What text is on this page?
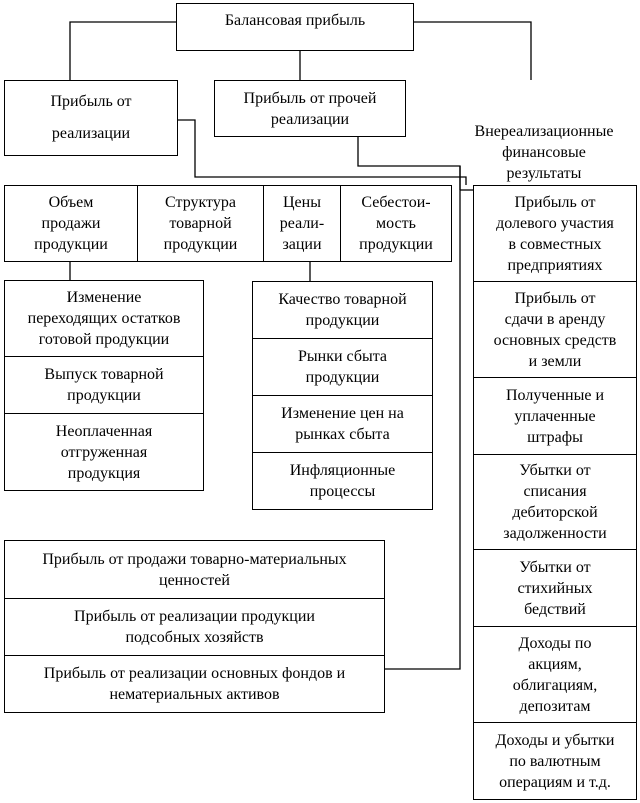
Балансовая прибыль
Прибыль от

реализации
Прибыль от прочей
реализации
Внереализационные
финансовые
результаты
Объем
продажи
продукции
Структура
товарной
продукции
Цены
реали-
зации
Себестои-
мость
продукции
Изменение
переходящих остатков
готовой продукции
Выпуск товарной
продукции
Неоплаченная
отгруженная
продукция
Качество товарной
продукции
Рынки сбыта
продукции
Изменение цен на
рынках сбыта
Инфляционные
процессы
Прибыль от продажи товарно-материальных
ценностей
Прибыль от реализации продукции
подсобных хозяйств
Прибыль от реализации основных фондов и
нематериальных активов
Прибыль от
долевого участия
в совместных
предприятиях
Прибыль от
сдачи в аренду
основных средств
и земли
Полученные и
уплаченные
штрафы
Убытки от
списания
дебиторской
задолженности
Убытки от
стихийных
бедствий
Доходы по
акциям,
облигациям,
депозитам
Доходы и убытки
по валютным
операциям и т.д.
